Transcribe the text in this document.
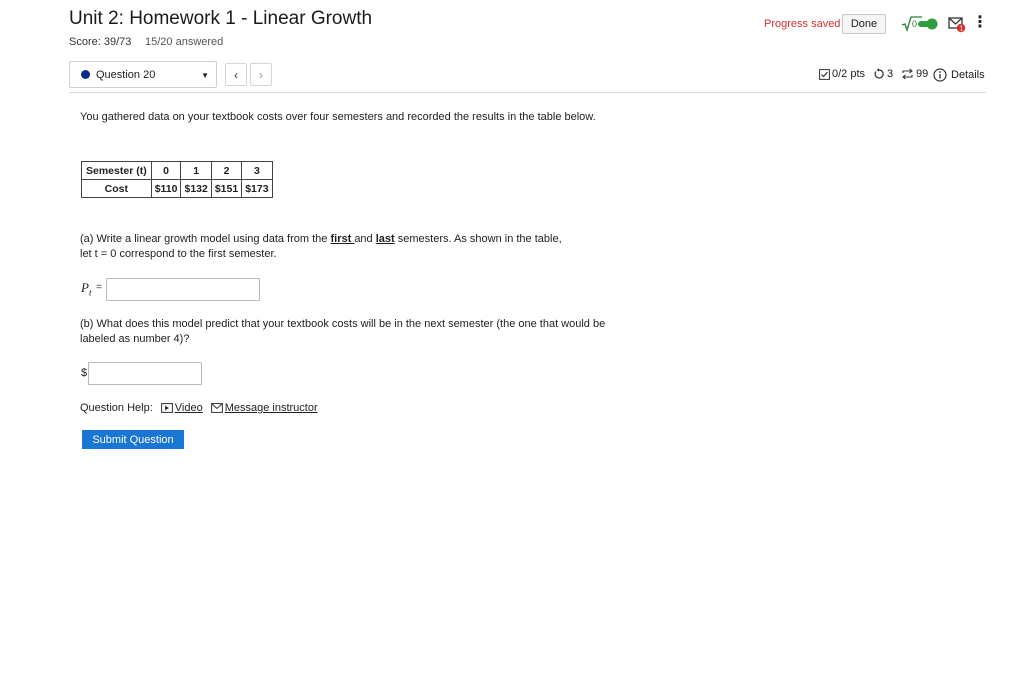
Unit 2: Homework 1 - Linear Growth
Score: 39/73 15/20 answered
Progress saved Done	0	1 ⋮
Question 20	▼	‹	›	0/2 pts 3 99 Details
You gathered data on your textbook costs over four semesters and recorded the results in the table below.
Semester (t)	0	1	2	3
Cost	$110	$132	$151	$173
(a) Write a linear growth model using data from the first and last semesters. As shown in the table,
let t = 0 correspond to the first semester.
$P_t$ =
(b) What does this model predict that your textbook costs will be in the next semester (the one that would be labeled as number 4)?
$
Question Help: Video Message instructor
Submit Question
